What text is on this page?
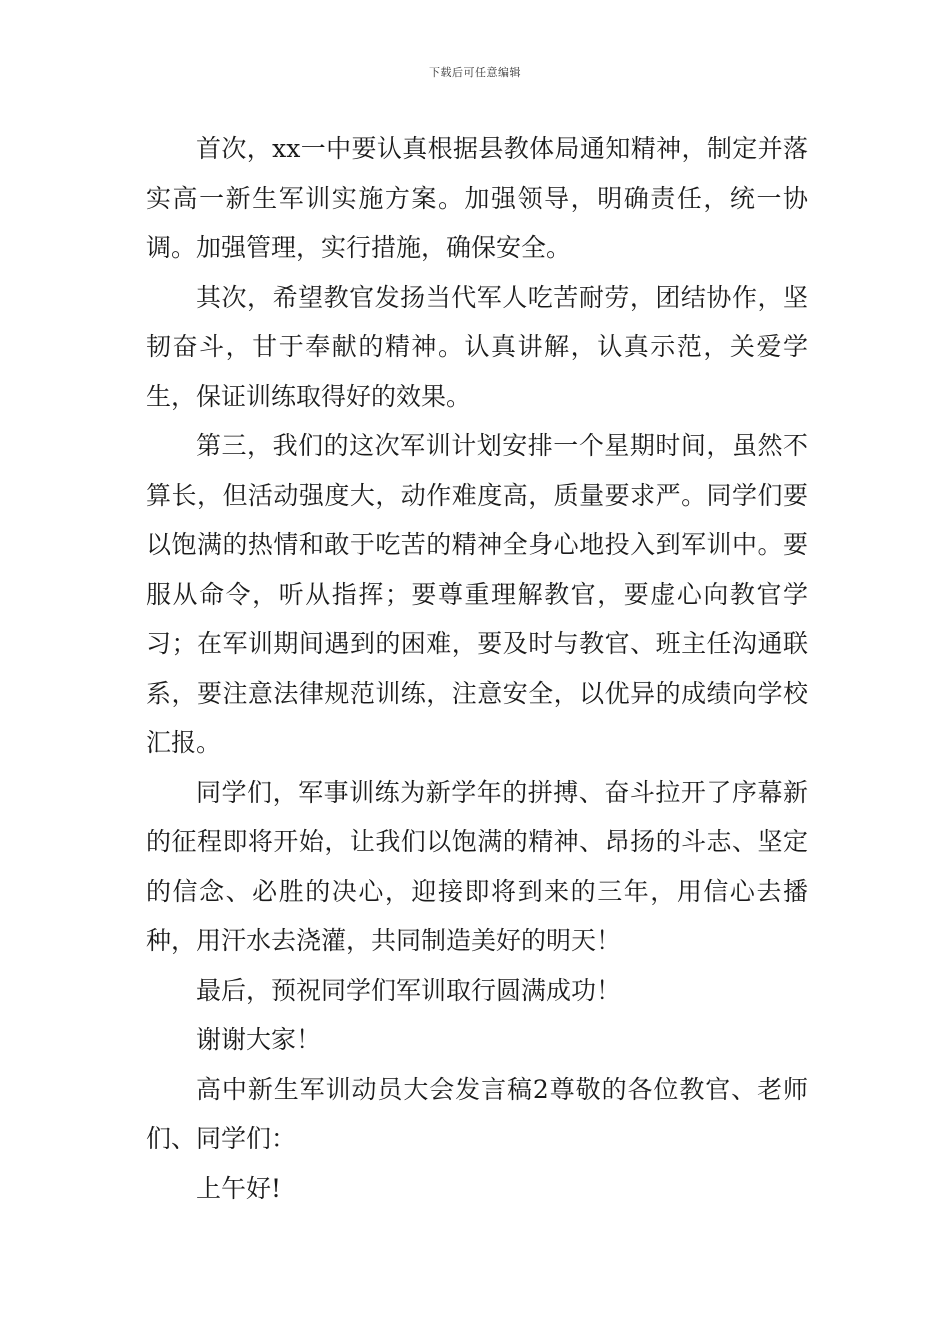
下载后可任意编辑

首次，xx一中要认真根据县教体局通知精神，制定并落实高一新生军训实施方案。加强领导，明确责任，统一协调。加强管理，实行措施，确保安全。

其次，希望教官发扬当代军人吃苦耐劳，团结协作，坚韧奋斗，甘于奉献的精神。认真讲解，认真示范，关爱学生，保证训练取得好的效果。

第三，我们的这次军训计划安排一个星期时间，虽然不算长，但活动强度大，动作难度高，质量要求严。同学们要以饱满的热情和敢于吃苦的精神全身心地投入到军训中。要服从命令，听从指挥；要尊重理解教官，要虚心向教官学习；在军训期间遇到的困难，要及时与教官、班主任沟通联系，要注意法律规范训练，注意安全，以优异的成绩向学校汇报。

同学们，军事训练为新学年的拼搏、奋斗拉开了序幕新的征程即将开始，让我们以饱满的精神、昂扬的斗志、坚定的信念、必胜的决心，迎接即将到来的三年，用信心去播种，用汗水去浇灌，共同制造美好的明天！

最后，预祝同学们军训取行圆满成功！

谢谢大家！

高中新生军训动员大会发言稿2尊敬的各位教官、老师们、同学们：

上午好!
